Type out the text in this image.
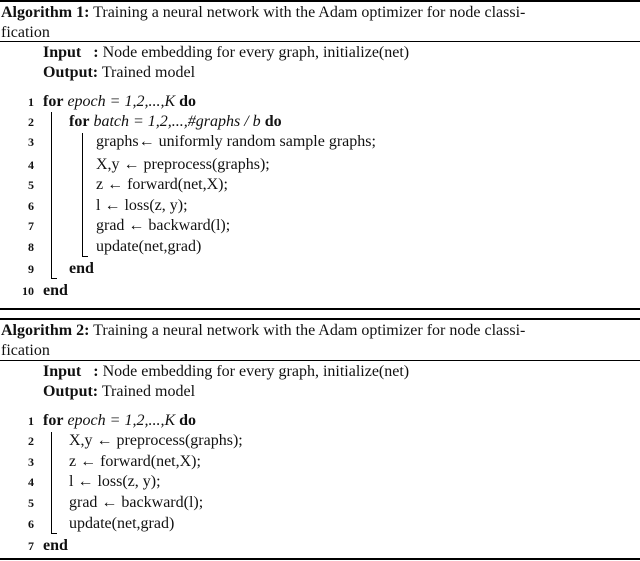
Algorithm 1: Training a neural network with the Adam optimizer for node classi-
fication
Input : Node embedding for every graph, initialize(net)
Output: Trained model
1 for epoch = 1,2,...,K do
2 for batch = 1,2,...,#graphs / b do
3	graphs← uniformly random sample graphs;
4	X,y ← preprocess(graphs);
5	z ← forward(net,X);
6	l ← loss(z, y);
7	grad ← backward(l);
8	update(net,grad)
9 end
10 end
Algorithm 2: Training a neural network with the Adam optimizer for node classi-
fication
Input : Node embedding for every graph, initialize(net)
Output: Trained model
1 for epoch = 1,2,...,K do
2 X,y ← preprocess(graphs);
3 z ← forward(net,X);
4 l ← loss(z, y);
5 grad ← backward(l);
6 update(net,grad)
7 end
